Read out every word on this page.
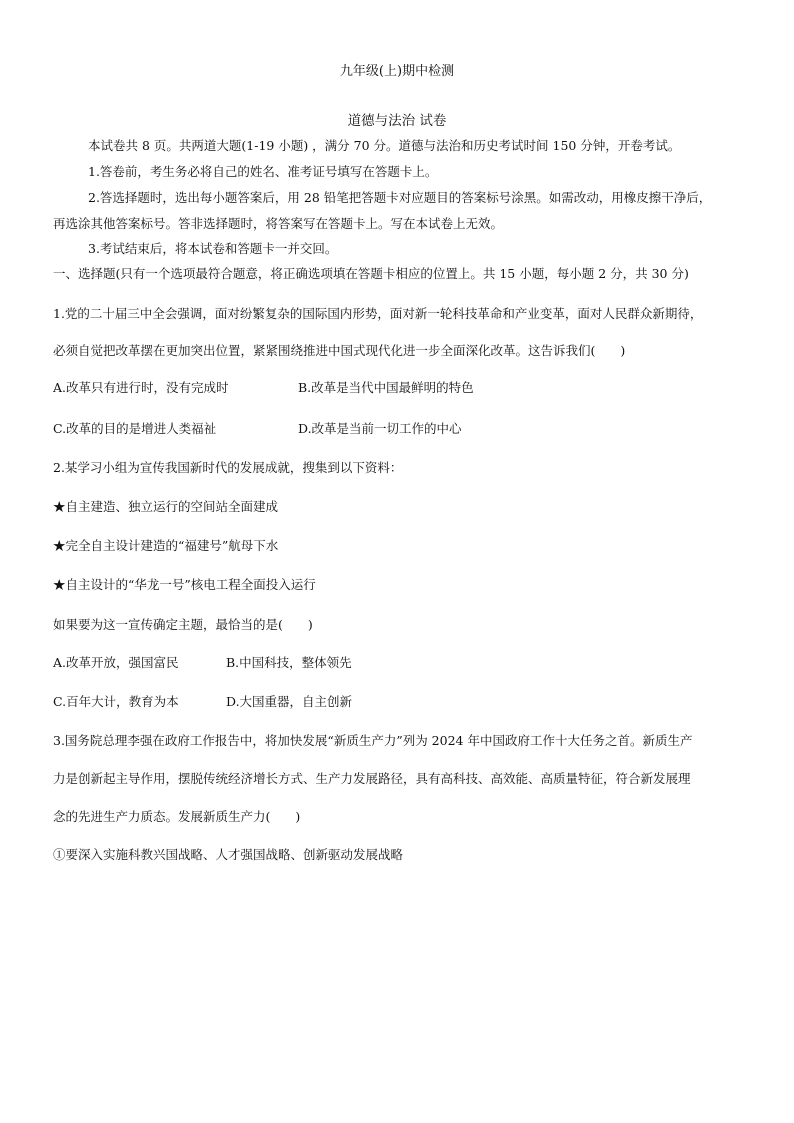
九年级(上)期中检测
道德与法治 试卷
本试卷共 8 页。共两道大题(1-19 小题) ，满分 70 分。道德与法治和历史考试时间 150 分钟，开卷考试。
1.答卷前，考生务必将自己的姓名、准考证号填写在答题卡上。
2.答选择题时，选出每小题答案后，用 28 铅笔把答题卡对应题目的答案标号涂黑。如需改动，用橡皮擦干净后，
再选涂其他答案标号。答非选择题时，将答案写在答题卡上。写在本试卷上无效。
3.考试结束后，将本试卷和答题卡一并交回。
一、选择题(只有一个选项最符合题意，将正确选项填在答题卡相应的位置上。共 15 小题，每小题 2 分，共 30 分)
1.党的二十届三中全会强调，面对纷繁复杂的国际国内形势，面对新一轮科技革命和产业变革，面对人民群众新期待，
必须自觉把改革摆在更加突出位置，紧紧围绕推进中国式现代化进一步全面深化改革。这告诉我们(　　)
A.改革只有进行时，没有完成时	B.改革是当代中国最鲜明的特色
C.改革的目的是增进人类福祉	D.改革是当前一切工作的中心
2.某学习小组为宣传我国新时代的发展成就，搜集到以下资料：
★自主建造、独立运行的空间站全面建成
★完全自主设计建造的“福建号”航母下水
★自主设计的“华龙一号”核电工程全面投入运行
如果要为这一宣传确定主题，最恰当的是(　　)
A.改革开放，强国富民	B.中国科技，整体领先
C.百年大计，教育为本	D.大国重器，自主创新
3.国务院总理李强在政府工作报告中，将加快发展“新质生产力”列为 2024 年中国政府工作十大任务之首。新质生产
力是创新起主导作用，摆脱传统经济增长方式、生产力发展路径，具有高科技、高效能、高质量特征，符合新发展理
念的先进生产力质态。发展新质生产力(　　)
①要深入实施科教兴国战略、人才强国战略、创新驱动发展战略
